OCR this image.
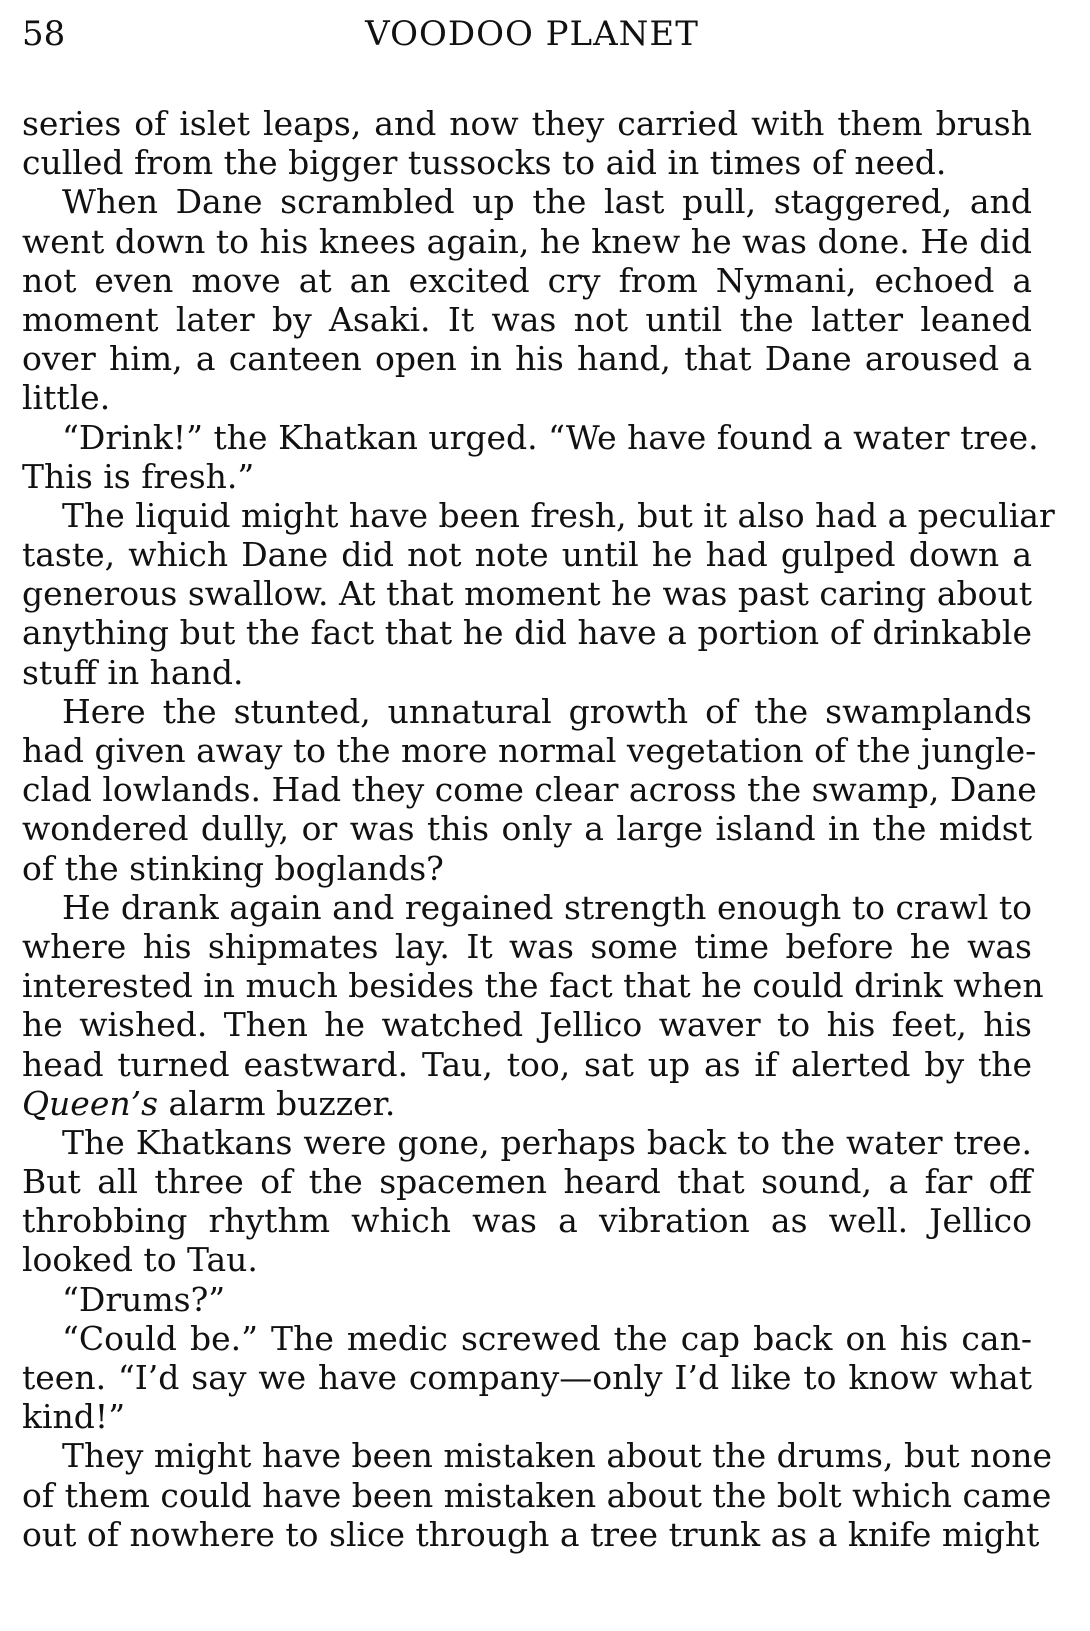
58	VOODOO PLANET
series of islet leaps, and now they carried with them brush
culled from the bigger tussocks to aid in times of need.
When Dane scrambled up the last pull, staggered, and
went down to his knees again, he knew he was done. He did
not even move at an excited cry from Nymani, echoed a
moment later by Asaki. It was not until the latter leaned
over him, a canteen open in his hand, that Dane aroused a
little.
“Drink!” the Khatkan urged. “We have found a water tree.
This is fresh.”
The liquid might have been fresh, but it also had a peculiar
taste, which Dane did not note until he had gulped down a
generous swallow. At that moment he was past caring about
anything but the fact that he did have a portion of drinkable
stuff in hand.
Here the stunted, unnatural growth of the swamplands
had given away to the more normal vegetation of the jungle-
clad lowlands. Had they come clear across the swamp, Dane
wondered dully, or was this only a large island in the midst
of the stinking boglands?
He drank again and regained strength enough to crawl to
where his shipmates lay. It was some time before he was
interested in much besides the fact that he could drink when
he wished. Then he watched Jellico waver to his feet, his
head turned eastward. Tau, too, sat up as if alerted by the
Queen’s alarm buzzer.
The Khatkans were gone, perhaps back to the water tree.
But all three of the spacemen heard that sound, a far off
throbbing rhythm which was a vibration as well. Jellico
looked to Tau.
“Drums?”
“Could be.” The medic screwed the cap back on his can-
teen. “I’d say we have company—only I’d like to know what
kind!”
They might have been mistaken about the drums, but none
of them could have been mistaken about the bolt which came
out of nowhere to slice through a tree trunk as a knife might
